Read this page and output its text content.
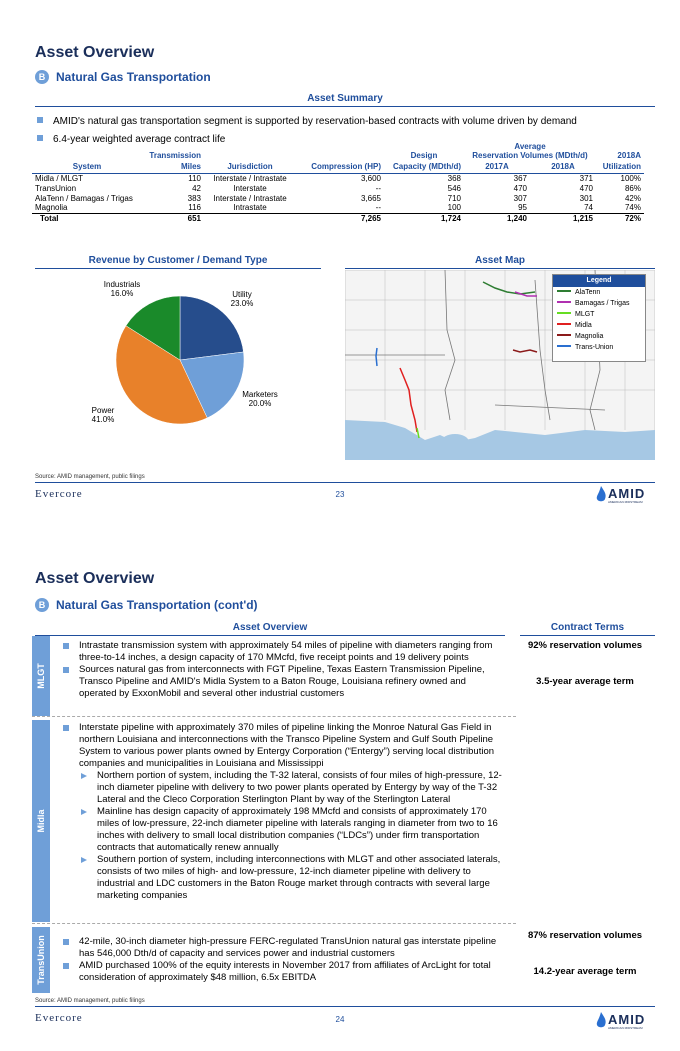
Asset Overview
B Natural Gas Transportation
Asset Summary
AMID's natural gas transportation segment is supported by reservation-based contracts with volume driven by demand
6.4-year weighted average contract life
	Transmission			Design	Average
Reservation Volumes (MDth/d)		2018A
System	Miles	Jurisdiction	Compression (HP)	Capacity (MDth/d)	2017A	2018A	Utilization
Midla / MLGT	110	Interstate / Intrastate	3,600	368	367	371	100%
TransUnion	42	Interstate	--	546	470	470	86%
AlaTenn / Bamagas / Trigas	383	Interstate / Intrastate	3,665	710	307	301	42%
Magnolia	116	Intrastate	--	100	95	74	74%
Total	651		7,265	1,724	1,240	1,215	72%
Revenue by Customer / Demand Type	Asset Map
Utility
23.0%
Marketers
20.0%
Power
41.0%
Industrials
16.0%
Legend
AlaTenn
Bamagas / Trigas
MLGT
Midla
Magnolia
Trans-Union
Source: AMID management, public filings
Evercore	23	AMID
AMERICAN MIDSTREAM
Asset Overview
B Natural Gas Transportation (cont'd)
Asset Overview	Contract Terms
MLGT
Intrastate transmission system with approximately 54 miles of pipeline with diameters ranging from three-to-14 inches, a design capacity of 170 MMcfd, five receipt points and 19 delivery points
Sources natural gas from interconnects with FGT Pipeline, Texas Eastern Transmission Pipeline, Transco Pipeline and AMID's Midla System to a Baton Rouge, Louisiana refinery owned and operated by ExxonMobil and several other industrial customers
92% reservation volumes
3.5-year average term
Midla
Interstate pipeline with approximately 370 miles of pipeline linking the Monroe Natural Gas Field in northern Louisiana and interconnections with the Transco Pipeline System and Gulf South Pipeline System to various power plants owned by Entergy Corporation (“Entergy”) serving local distribution companies and municipalities in Louisiana and Mississippi
Northern portion of system, including the T-32 lateral, consists of four miles of high-pressure, 12-inch diameter pipeline with delivery to two power plants operated by Entergy by way of the T-32 Lateral and the Cleco Corporation Sterlington Plant by way of the Sterlington Lateral
Mainline has design capacity of approximately 198 MMcfd and consists of approximately 170 miles of low-pressure, 22-inch diameter pipeline with laterals ranging in diameter from two to 16 inches with delivery to small local distribution companies (“LDCs”) under firm transportation contracts that automatically renew annually
Southern portion of system, including interconnections with MLGT and other associated laterals, consists of two miles of high- and low-pressure, 12-inch diameter pipeline with delivery to industrial and LDC customers in the Baton Rouge market through contracts with several large marketing companies
TransUnion	42-mile, 30-inch diameter high-pressure FERC-regulated TransUnion natural gas interstate pipeline has 546,000 Dth/d of capacity and services power and industrial customers
AMID purchased 100% of the equity interests in November 2017 from affiliates of ArcLight for total consideration of approximately $48 million, 6.5x EBITDA
87% reservation volumes
14.2-year average term
Source: AMID management, public filings
Evercore	24	AMID
AMERICAN MIDSTREAM
